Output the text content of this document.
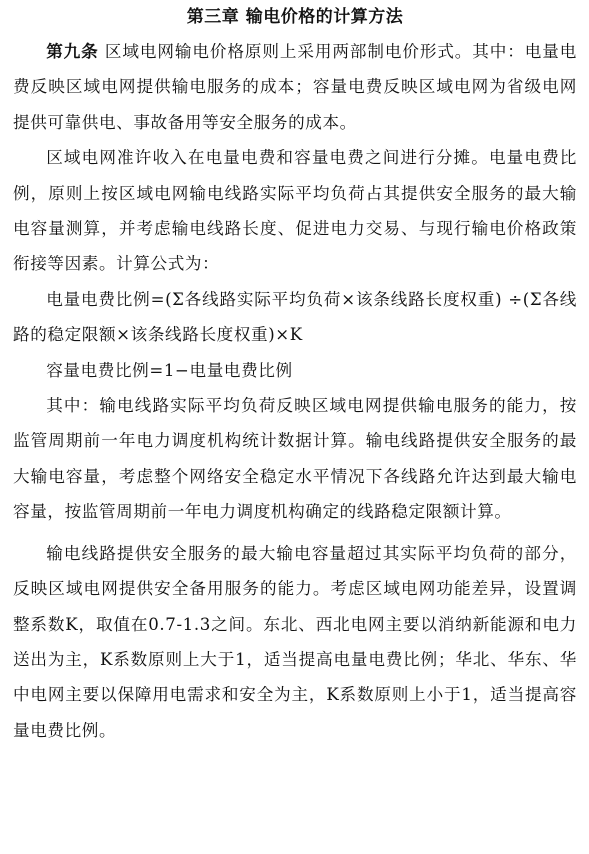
第三章 输电价格的计算方法

第九条 区域电网输电价格原则上采用两部制电价形式。其中：电量电费反映区域电网提供输电服务的成本；容量电费反映区域电网为省级电网提供可靠供电、事故备用等安全服务的成本。

区域电网准许收入在电量电费和容量电费之间进行分摊。电量电费比例，原则上按区域电网输电线路实际平均负荷占其提供安全服务的最大输电容量测算，并考虑输电线路长度、促进电力交易、与现行输电价格政策衔接等因素。计算公式为：

电量电费比例=(Σ各线路实际平均负荷×该条线路长度权重) ÷(Σ各线路的稳定限额×该条线路长度权重)×K

容量电费比例=1−电量电费比例

其中：输电线路实际平均负荷反映区域电网提供输电服务的能力，按监管周期前一年电力调度机构统计数据计算。输电线路提供安全服务的最大输电容量，考虑整个网络安全稳定水平情况下各线路允许达到最大输电容量，按监管周期前一年电力调度机构确定的线路稳定限额计算。

输电线路提供安全服务的最大输电容量超过其实际平均负荷的部分，反映区域电网提供安全备用服务的能力。考虑区域电网功能差异，设置调整系数K，取值在0.7-1.3之间。东北、西北电网主要以消纳新能源和电力送出为主，K系数原则上大于1，适当提高电量电费比例；华北、华东、华中电网主要以保障用电需求和安全为主，K系数原则上小于1，适当提高容量电费比例。
